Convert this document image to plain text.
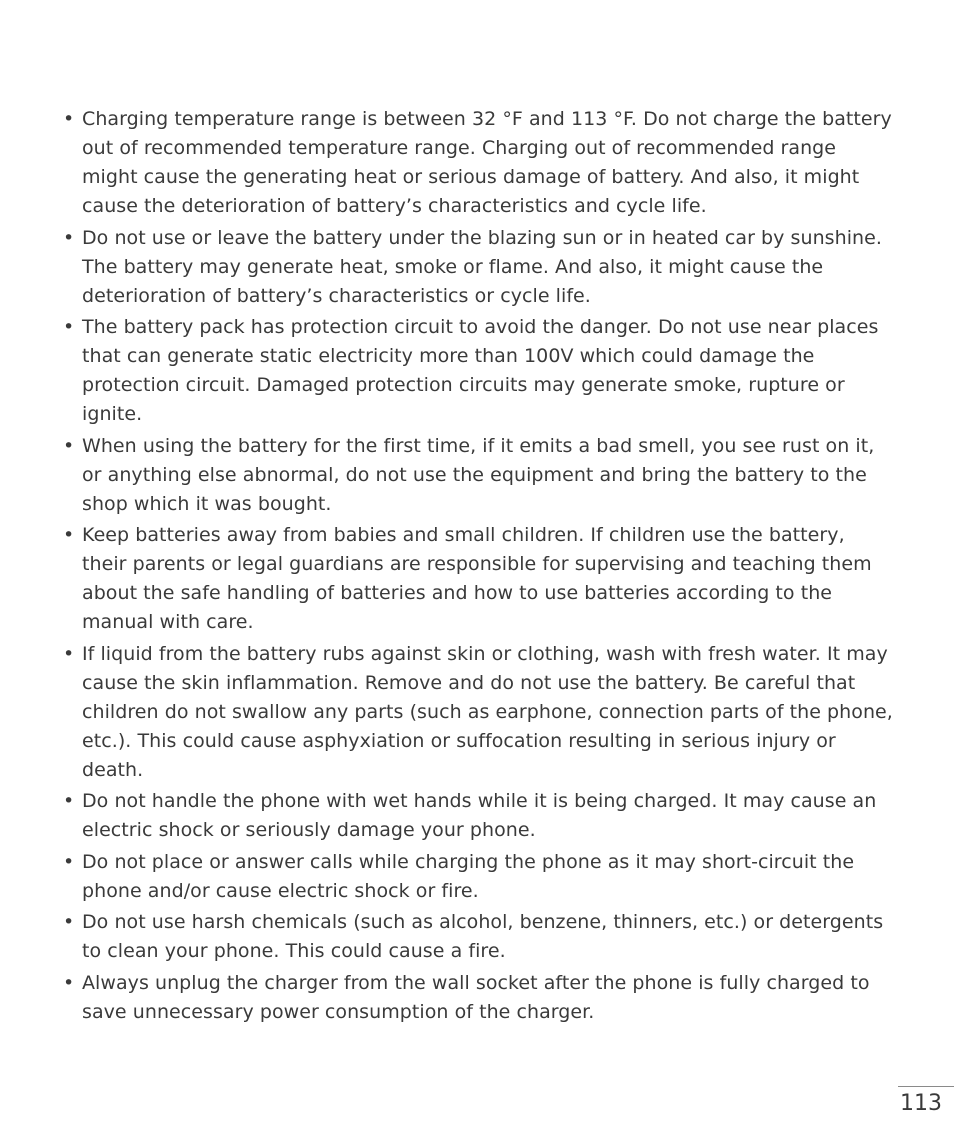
• Charging temperature range is between 32 °F and 113 °F. Do not charge the battery out of recommended temperature range. Charging out of recommended range might cause the generating heat or serious damage of battery. And also, it might cause the deterioration of battery’s characteristics and cycle life.
• Do not use or leave the battery under the blazing sun or in heated car by sunshine. The battery may generate heat, smoke or flame. And also, it might cause the deterioration of battery’s characteristics or cycle life.
• The battery pack has protection circuit to avoid the danger. Do not use near places that can generate static electricity more than 100V which could damage the protection circuit. Damaged protection circuits may generate smoke, rupture or ignite.
• When using the battery for the first time, if it emits a bad smell, you see rust on it, or anything else abnormal, do not use the equipment and bring the battery to the shop which it was bought.
• Keep batteries away from babies and small children. If children use the battery, their parents or legal guardians are responsible for supervising and teaching them about the safe handling of batteries and how to use batteries according to the manual with care.
• If liquid from the battery rubs against skin or clothing, wash with fresh water. It may cause the skin inflammation. Remove and do not use the battery. Be careful that children do not swallow any parts (such as earphone, connection parts of the phone, etc.). This could cause asphyxiation or suffocation resulting in serious injury or death.
• Do not handle the phone with wet hands while it is being charged. It may cause an electric shock or seriously damage your phone.
• Do not place or answer calls while charging the phone as it may short-circuit the phone and/or cause electric shock or fire.
• Do not use harsh chemicals (such as alcohol, benzene, thinners, etc.) or detergents to clean your phone. This could cause a fire.
• Always unplug the charger from the wall socket after the phone is fully charged to save unnecessary power consumption of the charger.
113
